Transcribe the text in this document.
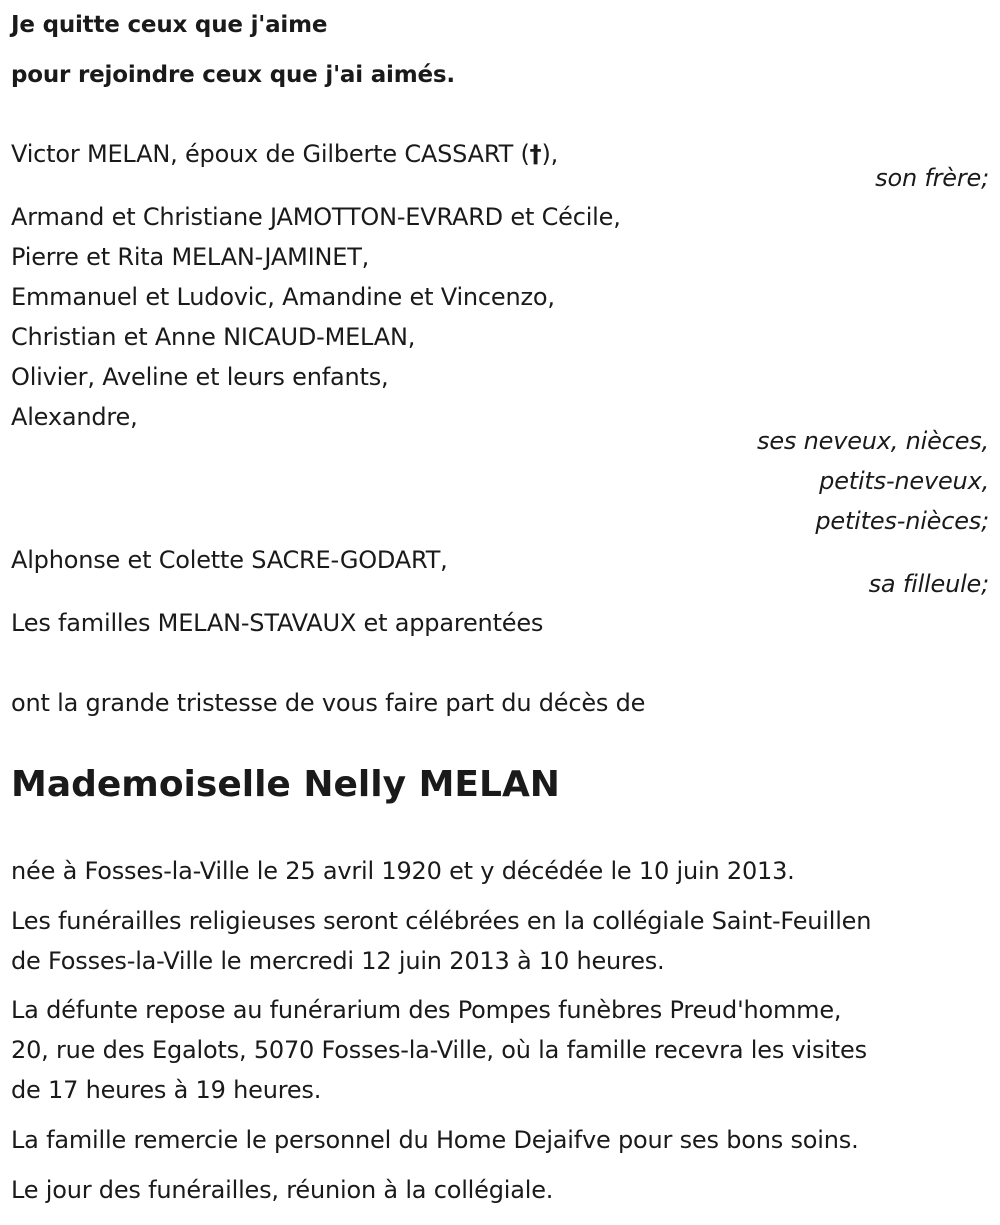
Je quitte ceux que j'aime
pour rejoindre ceux que j'ai aimés.
Victor MELAN, époux de Gilberte CASSART (†),
son frère;
Armand et Christiane JAMOTTON-EVRARD et Cécile,
Pierre et Rita MELAN-JAMINET,
Emmanuel et Ludovic, Amandine et Vincenzo,
Christian et Anne NICAUD-MELAN,
Olivier, Aveline et leurs enfants,
Alexandre,
ses neveux, nièces,
petits-neveux,
petites-nièces;
Alphonse et Colette SACRE-GODART,
sa filleule;
Les familles MELAN-STAVAUX et apparentées
ont la grande tristesse de vous faire part du décès de
Mademoiselle Nelly MELAN
née à Fosses-la-Ville le 25 avril 1920 et y décédée le 10 juin 2013.
Les funérailles religieuses seront célébrées en la collégiale Saint-Feuillen
de Fosses-la-Ville le mercredi 12 juin 2013 à 10 heures.
La défunte repose au funérarium des Pompes funèbres Preud'homme,
20, rue des Egalots, 5070 Fosses-la-Ville, où la famille recevra les visites
de 17 heures à 19 heures.
La famille remercie le personnel du Home Dejaifve pour ses bons soins.
Le jour des funérailles, réunion à la collégiale.
